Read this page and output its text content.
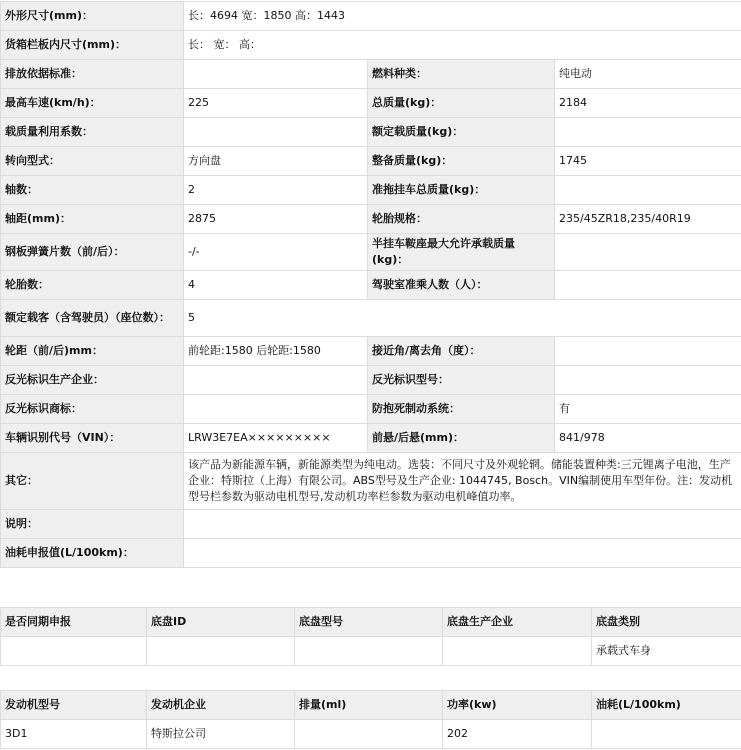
外形尺寸(mm)：	长：4694 宽：1850 高：1443		
货箱栏板内尺寸(mm)：	长： 宽： 高：		
排放依据标准：		燃料种类：	纯电动
最高车速(km/h)：	225	总质量(kg)：	2184
载质量利用系数：		额定载质量(kg)：	
转向型式：	方向盘	整备质量(kg)：	1745
轴数：	2	准拖挂车总质量(kg)：	
轴距(mm)：	2875	轮胎规格：	235/45ZR18,235/40R19
钢板弹簧片数（前/后）：	-/-	半挂车鞍座最大允许承载质量(kg)：	
轮胎数：	4	驾驶室准乘人数（人）：	
额定载客（含驾驶员）（座位数）：	5		
轮距（前/后)mm：	前轮距:1580 后轮距:1580	接近角/离去角（度）：	
反光标识生产企业：		反光标识型号：	
反光标识商标：		防抱死制动系统：	有
车辆识别代号（VIN）：	LRW3E7EA×××××××××	前悬/后悬(mm)：	841/978
其它：	该产品为新能源车辆，新能源类型为纯电动。选装：不同尺寸及外观轮辋。储能装置种类:三元锂离子电池，生产企业：特斯拉（上海）有限公司。ABS型号及生产企业: 1044745, Bosch。VIN编制使用车型年份。注：发动机型号栏参数为驱动电机型号,发动机功率栏参数为驱动电机峰值功率。		
说明：			
油耗申报值(L/100km)：			
是否同期申报	底盘ID	底盘型号	底盘生产企业	底盘类别
				承载式车身
发动机型号	发动机企业	排量(ml)	功率(kw)	油耗(L/100km)
3D1	特斯拉公司		202	
